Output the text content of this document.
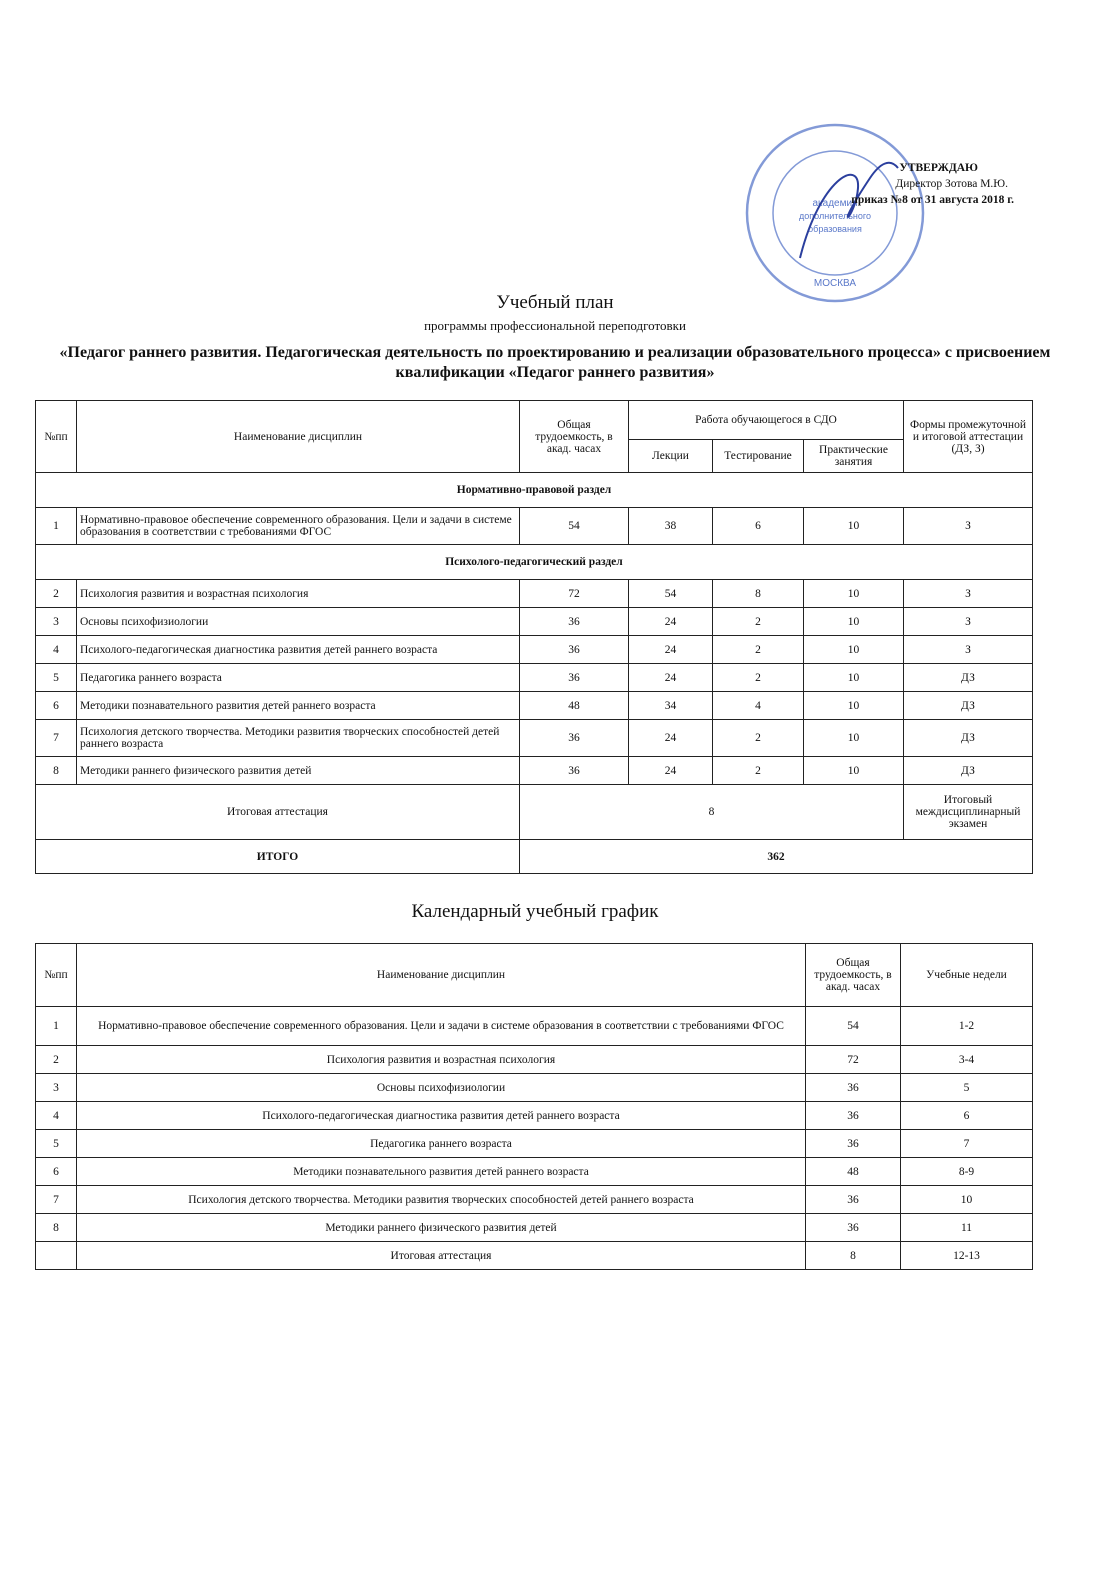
академия
дополнительного
образования
МОСКВА
УТВЕРЖДАЮ
Директор Зотова М.Ю.
приказ №8 от 31 августа 2018 г.
Учебный план
программы профессиональной переподготовки
«Педагог раннего развития. Педагогическая деятельность по проектированию и реализации образовательного процесса» с присвоением квалификации «Педагог раннего развития»
№пп	Наименование дисциплин	Общая трудоемкость, в акад. часах	Работа обучающегося в СДО			Формы промежуточной и итоговой аттестации (ДЗ, З)
			Лекции	Тестирование	Практические занятия	
Нормативно-правовой раздел						
1	Нормативно-правовое обеспечение современного образования. Цели и задачи в системе образования в соответствии с требованиями ФГОС	54	38	6	10	З
Психолого-педагогический раздел						
2	Психология развития и возрастная психология	72	54	8	10	З
3	Основы психофизиологии	36	24	2	10	З
4	Психолого-педагогическая диагностика развития детей раннего возраста	36	24	2	10	З
5	Педагогика раннего возраста	36	24	2	10	ДЗ
6	Методики познавательного развития детей раннего возраста	48	34	4	10	ДЗ
7	Психология детского творчества. Методики развития творческих способностей детей раннего возраста	36	24	2	10	ДЗ
8	Методики раннего физического развития детей	36	24	2	10	ДЗ
Итоговая аттестация		8				Итоговый междисциплинарный экзамен
ИТОГО		362				
Календарный учебный график
№пп	Наименование дисциплин	Общая трудоемкость, в акад. часах	Учебные недели
1	Нормативно-правовое обеспечение современного образования. Цели и задачи в системе образования в соответствии с требованиями ФГОС	54	1-2
2	Психология развития и возрастная психология	72	3-4
3	Основы психофизиологии	36	5
4	Психолого-педагогическая диагностика развития детей раннего возраста	36	6
5	Педагогика раннего возраста	36	7
6	Методики познавательного развития детей раннего возраста	48	8-9
7	Психология детского творчества. Методики развития творческих способностей детей раннего возраста	36	10
8	Методики раннего физического развития детей	36	11
	Итоговая аттестация	8	12-13
